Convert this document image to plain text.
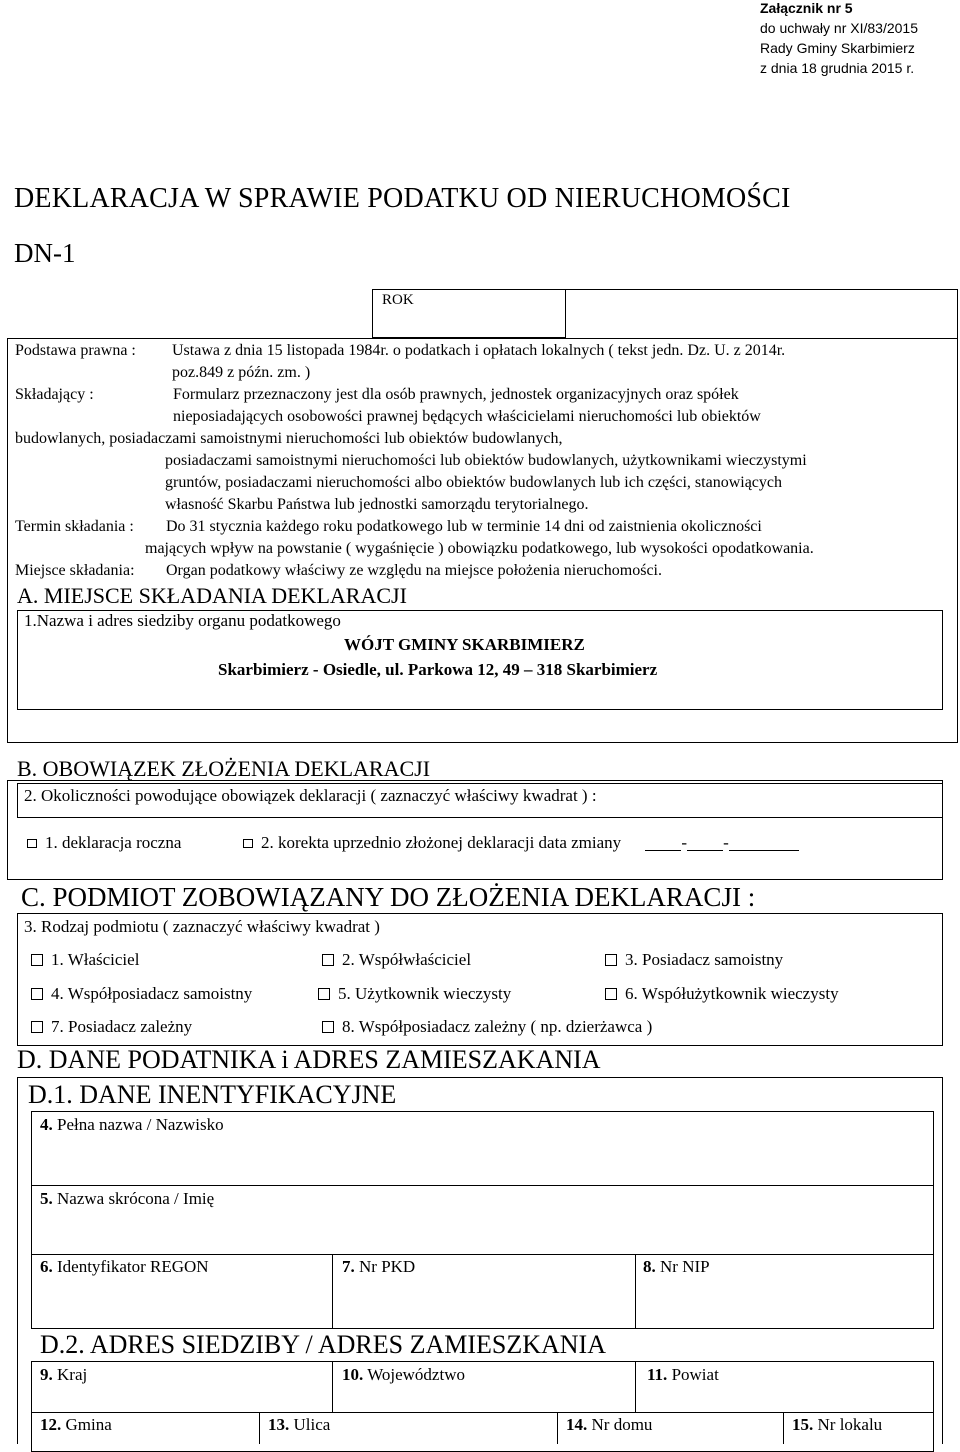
Załącznik nr 5
do uchwały nr XI/83/2015
Rady Gminy Skarbimierz
z dnia 18 grudnia 2015 r.
DEKLARACJA W SPRAWIE PODATKU OD NIERUCHOMOŚCI
DN-1
ROK
Podstawa prawna : Ustawa z dnia 15 listopada 1984r. o podatkach i opłatach lokalnych ( tekst jedn. Dz. U. z 2014r.
poz.849 z późn. zm. )
Składający :	Formularz przeznaczony jest dla osób prawnych, jednostek organizacyjnych oraz spółek
nieposiadających osobowości prawnej będących właścicielami nieruchomości lub obiektów
budowlanych, posiadaczami samoistnymi nieruchomości lub obiektów budowlanych,
posiadaczami samoistnymi nieruchomości lub obiektów budowlanych, użytkownikami wieczystymi
gruntów, posiadaczami nieruchomości albo obiektów budowlanych lub ich części, stanowiących
własność Skarbu Państwa lub jednostki samorządu terytorialnego.
Termin składania : Do 31 stycznia każdego roku podatkowego lub w terminie 14 dni od zaistnienia okoliczności
mających wpływ na powstanie ( wygaśnięcie ) obowiązku podatkowego, lub wysokości opodatkowania.
Miejsce składania: Organ podatkowy właściwy ze względu na miejsce położenia nieruchomości.
A. MIEJSCE SKŁADANIA DEKLARACJI
1.Nazwa i adres siedziby organu podatkowego
WÓJT GMINY SKARBIMIERZ
Skarbimierz - Osiedle, ul. Parkowa 12, 49 – 318 Skarbimierz
B. OBOWIĄZEK ZŁOŻENIA DEKLARACJI
2. Okoliczności powodujące obowiązek deklaracji ( zaznaczyć właściwy kwadrat ) :
1. deklaracja roczna	2. korekta uprzednio złożonej deklaracji data zmiany	- -
C. PODMIOT ZOBOWIĄZANY DO ZŁOŻENIA DEKLARACJI :
3. Rodzaj podmiotu ( zaznaczyć właściwy kwadrat )
1. Właściciel	2. Współwłaściciel	3. Posiadacz samoistny
4. Współposiadacz samoistny	5. Użytkownik wieczysty	6. Współużytkownik wieczysty
7. Posiadacz zależny	8. Współposiadacz zależny ( np. dzierżawca )
D. DANE PODATNIKA i ADRES ZAMIESZAKANIA
D.1. DANE INENTYFIKACYJNE
4. Pełna nazwa / Nazwisko
5. Nazwa skrócona / Imię
6. Identyfikator REGON	7. Nr PKD	8. Nr NIP
D.2. ADRES SIEDZIBY / ADRES ZAMIESZKANIA
9. Kraj	10. Województwo	11. Powiat
12. Gmina	13. Ulica	14. Nr domu	15. Nr lokalu
